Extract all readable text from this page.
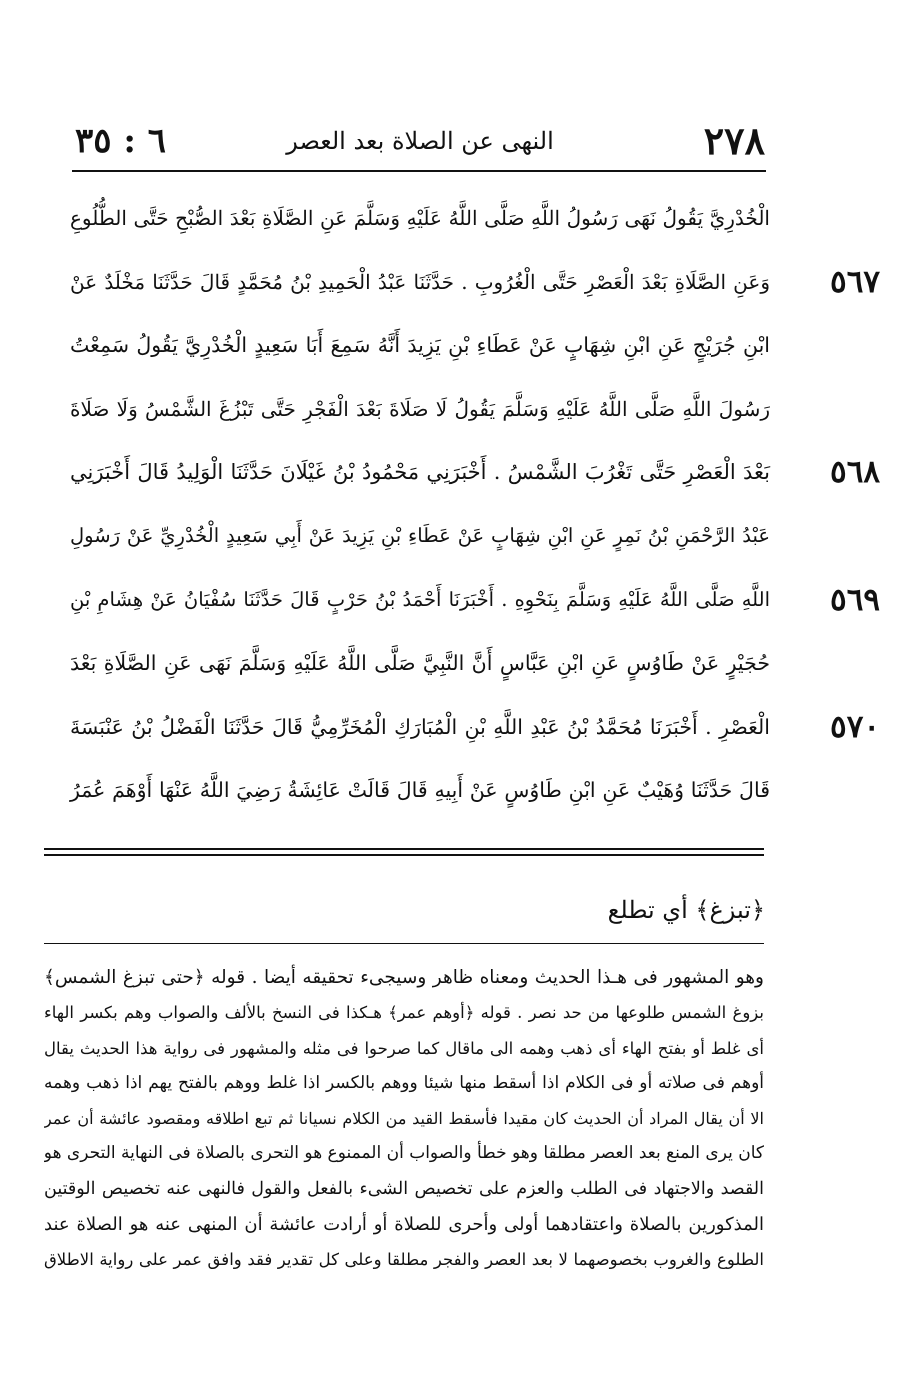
٢٧٨
النهى عن الصلاة بعد العصر
٦ : ٣٥
الْخُدْرِيَّ يَقُولُ نَهَى رَسُولُ اللَّهِ صَلَّى اللَّهُ عَلَيْهِ وَسَلَّمَ عَنِ الصَّلَاةِ بَعْدَ الصُّبْحِ حَتَّى الطُّلُوعِ
وَعَنِ الصَّلَاةِ بَعْدَ الْعَصْرِ حَتَّى الْغُرُوبِ . حَدَّثَنَا عَبْدُ الْحَمِيدِ بْنُ مُحَمَّدٍ قَالَ حَدَّثَنَا مَخْلَدٌ عَنْ	٥٦٧
ابْنِ جُرَيْجٍ عَنِ ابْنِ شِهَابٍ عَنْ عَطَاءِ بْنِ يَزِيدَ أَنَّهُ سَمِعَ أَبَا سَعِيدٍ الْخُدْرِيَّ يَقُولُ سَمِعْتُ
رَسُولَ اللَّهِ صَلَّى اللَّهُ عَلَيْهِ وَسَلَّمَ يَقُولُ لَا صَلَاةَ بَعْدَ الْفَجْرِ حَتَّى تَبْزُغَ الشَّمْسُ وَلَا صَلَاةَ
بَعْدَ الْعَصْرِ حَتَّى تَغْرُبَ الشَّمْسُ . أَخْبَرَنِي مَحْمُودُ بْنُ غَيْلَانَ حَدَّثَنَا الْوَلِيدُ قَالَ أَخْبَرَنِي	٥٦٨
عَبْدُ الرَّحْمَنِ بْنُ نَمِرٍ عَنِ ابْنِ شِهَابٍ عَنْ عَطَاءِ بْنِ يَزِيدَ عَنْ أَبِي سَعِيدٍ الْخُدْرِيِّ عَنْ رَسُولِ
اللَّهِ صَلَّى اللَّهُ عَلَيْهِ وَسَلَّمَ بِنَحْوِهِ . أَخْبَرَنَا أَحْمَدُ بْنُ حَرْبٍ قَالَ حَدَّثَنَا سُفْيَانُ عَنْ هِشَامِ بْنِ	٥٦٩
حُجَيْرٍ عَنْ طَاوُسٍ عَنِ ابْنِ عَبَّاسٍ أَنَّ النَّبِيَّ صَلَّى اللَّهُ عَلَيْهِ وَسَلَّمَ نَهَى عَنِ الصَّلَاةِ بَعْدَ
الْعَصْرِ . أَخْبَرَنَا مُحَمَّدُ بْنُ عَبْدِ اللَّهِ بْنِ الْمُبَارَكِ الْمُخَرِّمِيُّ قَالَ حَدَّثَنَا الْفَضْلُ بْنُ عَنْبَسَةَ	٥٧٠
قَالَ حَدَّثَنَا وُهَيْبٌ عَنِ ابْنِ طَاوُسٍ عَنْ أَبِيهِ قَالَ قَالَتْ عَائِشَةُ رَضِيَ اللَّهُ عَنْهَا أَوْهَمَ عُمَرُ
﴿تبزغ﴾ أي تطلع
وهو المشهور فى هـذا الحديث ومعناه ظاهر وسيجىء تحقيقه أيضا . قوله ﴿حتى تبزغ الشمس﴾
بزوغ الشمس طلوعها من حد نصر . قوله ﴿أوهم عمر﴾ هـكذا فى النسخ بالألف والصواب وهم بكسر الهاء
أى غلط أو بفتح الهاء أى ذهب وهمه الى ماقال كما صرحوا فى مثله والمشهور فى رواية هذا الحديث يقال
أوهم فى صلاته أو فى الكلام اذا أسقط منها شيئا ووهم بالكسر اذا غلط ووهم بالفتح يهم اذا ذهب وهمه
الا أن يقال المراد أن الحديث كان مقيدا فأسقط القيد من الكلام نسيانا ثم تبع اطلاقه ومقصود عائشة أن عمر
كان يرى المنع بعد العصر مطلقا وهو خطأ والصواب أن الممنوع هو التحرى بالصلاة فى النهاية التحرى هو
القصد والاجتهاد فى الطلب والعزم على تخصيص الشىء بالفعل والقول فالنهى عنه تخصيص الوقتين
المذكورين بالصلاة واعتقادهما أولى وأحرى للصلاة أو أرادت عائشة أن المنهى عنه هو الصلاة عند
الطلوع والغروب بخصوصهما لا بعد العصر والفجر مطلقا وعلى كل تقدير فقد وافق عمر على رواية الاطلاق
